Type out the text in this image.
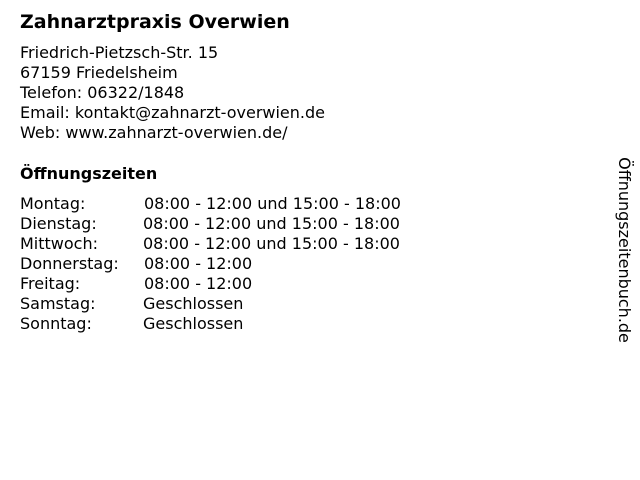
Zahnarztpraxis Overwien
Friedrich-Pietzsch-Str. 15
67159 Friedelsheim
Telefon: 06322/1848
Email: kontakt@zahnarzt-overwien.de
Web: www.zahnarzt-overwien.de/
Öffnungszeiten
Montag:	08:00 - 12:00 und 15:00 - 18:00
Dienstag:	08:00 - 12:00 und 15:00 - 18:00
Mittwoch:	08:00 - 12:00 und 15:00 - 18:00
Donnerstag: 08:00 - 12:00
Freitag:	08:00 - 12:00
Samstag:	Geschlossen
Sonntag:	Geschlossen	Öffnungszeitenbuch.de
